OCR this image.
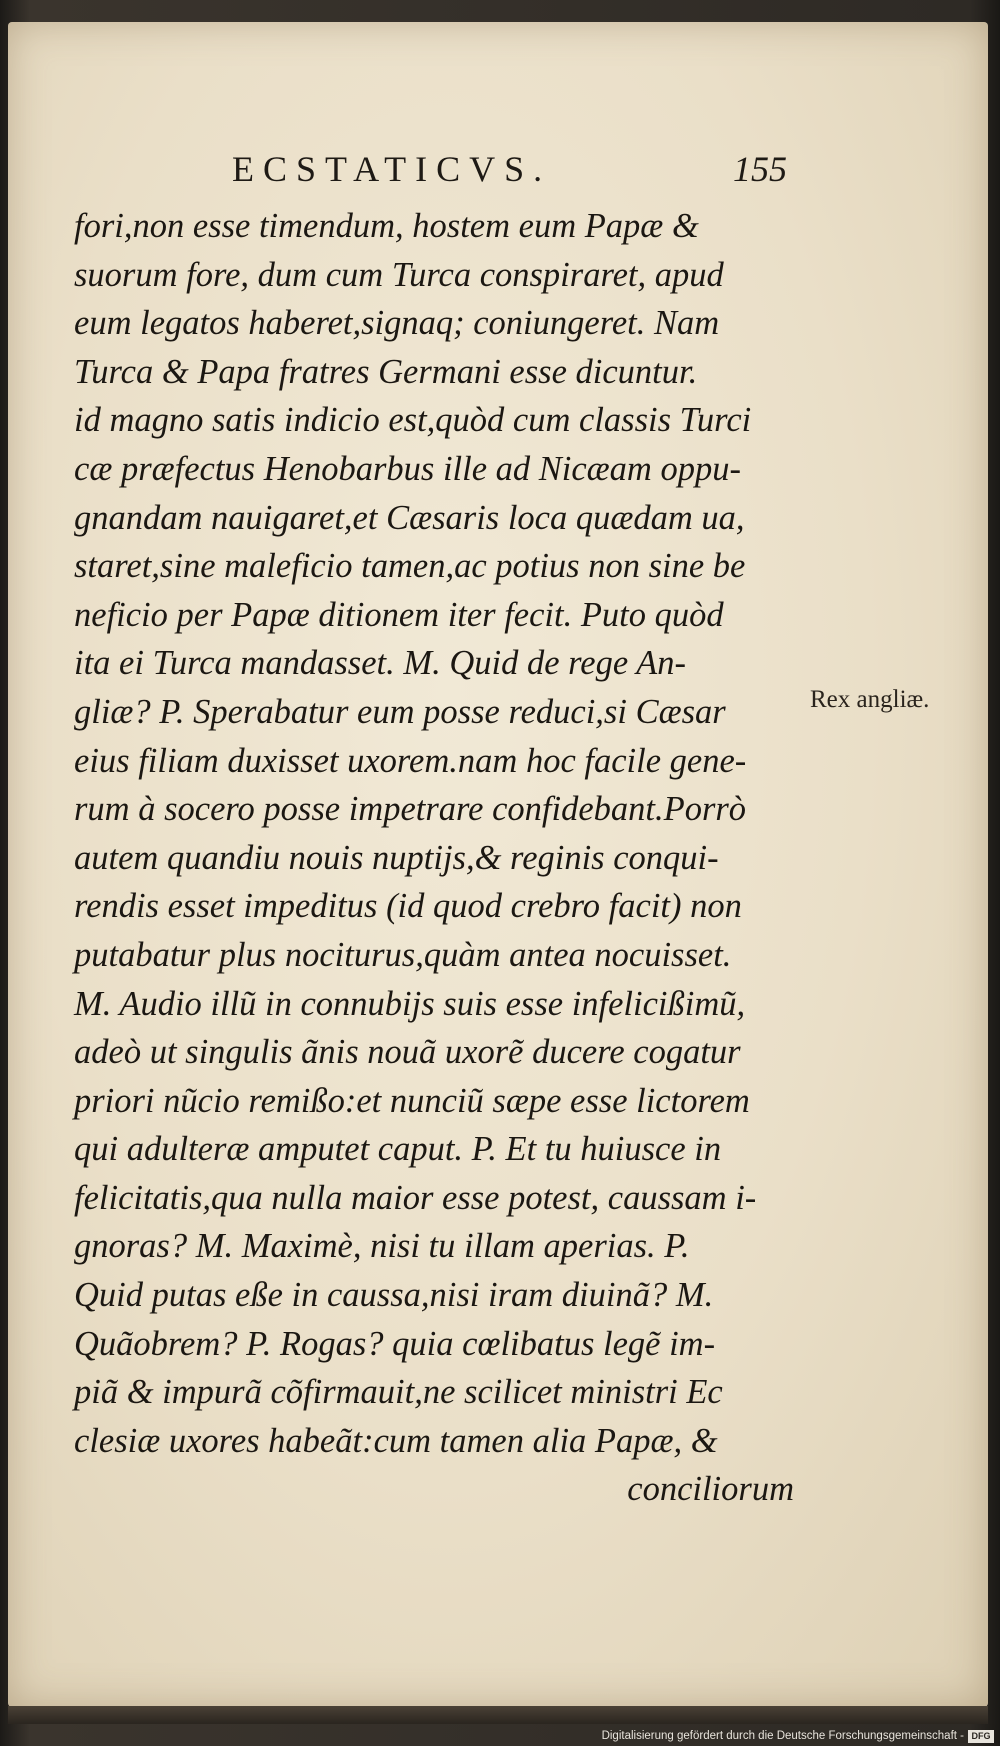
ECSTATICVS.	155
fori,non esse timendum, hostem eum Papæ &
suorum fore, dum cum Turca conspiraret, apud
eum legatos haberet,signaq; coniungeret. Nam
Turca & Papa fratres Germani esse dicuntur.
id magno satis indicio est,quòd cum classis Turci
cæ præfectus Henobarbus ille ad Nicæam oppu-
gnandam nauigaret,et Cæsaris loca quædam ua,
staret,sine maleficio tamen,ac potius non sine be
neficio per Papæ ditionem iter fecit. Puto quòd
ita ei Turca mandasset. M. Quid de rege An-
gliæ? P. Sperabatur eum posse reduci,si Cæsar
eius filiam duxisset uxorem.nam hoc facile gene-
rum à socero posse impetrare confidebant.Porrò
autem quandiu nouis nuptijs,& reginis conqui-
rendis esset impeditus (id quod crebro facit) non
putabatur plus nociturus,quàm antea nocuisset.
M. Audio illũ in connubijs suis esse infelicißimũ,
adeò ut singulis ãnis nouã uxorẽ ducere cogatur
priori nũcio remißo:et nunciũ sæpe esse lictorem
qui adulteræ amputet caput. P. Et tu huiusce in
felicitatis,qua nulla maior esse potest, caussam i-
gnoras? M. Maximè, nisi tu illam aperias. P.
Quid putas eße in caussa,nisi iram diuinã? M.
Quãobrem? P. Rogas? quia cœlibatus legẽ im-
piã & impurã cõfirmauit,ne scilicet ministri Ec
clesiæ uxores habeãt:cum tamen alia Papæ, &
conciliorum
Rex angliæ.
Digitalisierung gefördert durch die Deutsche Forschungsgemeinschaft - DFG
